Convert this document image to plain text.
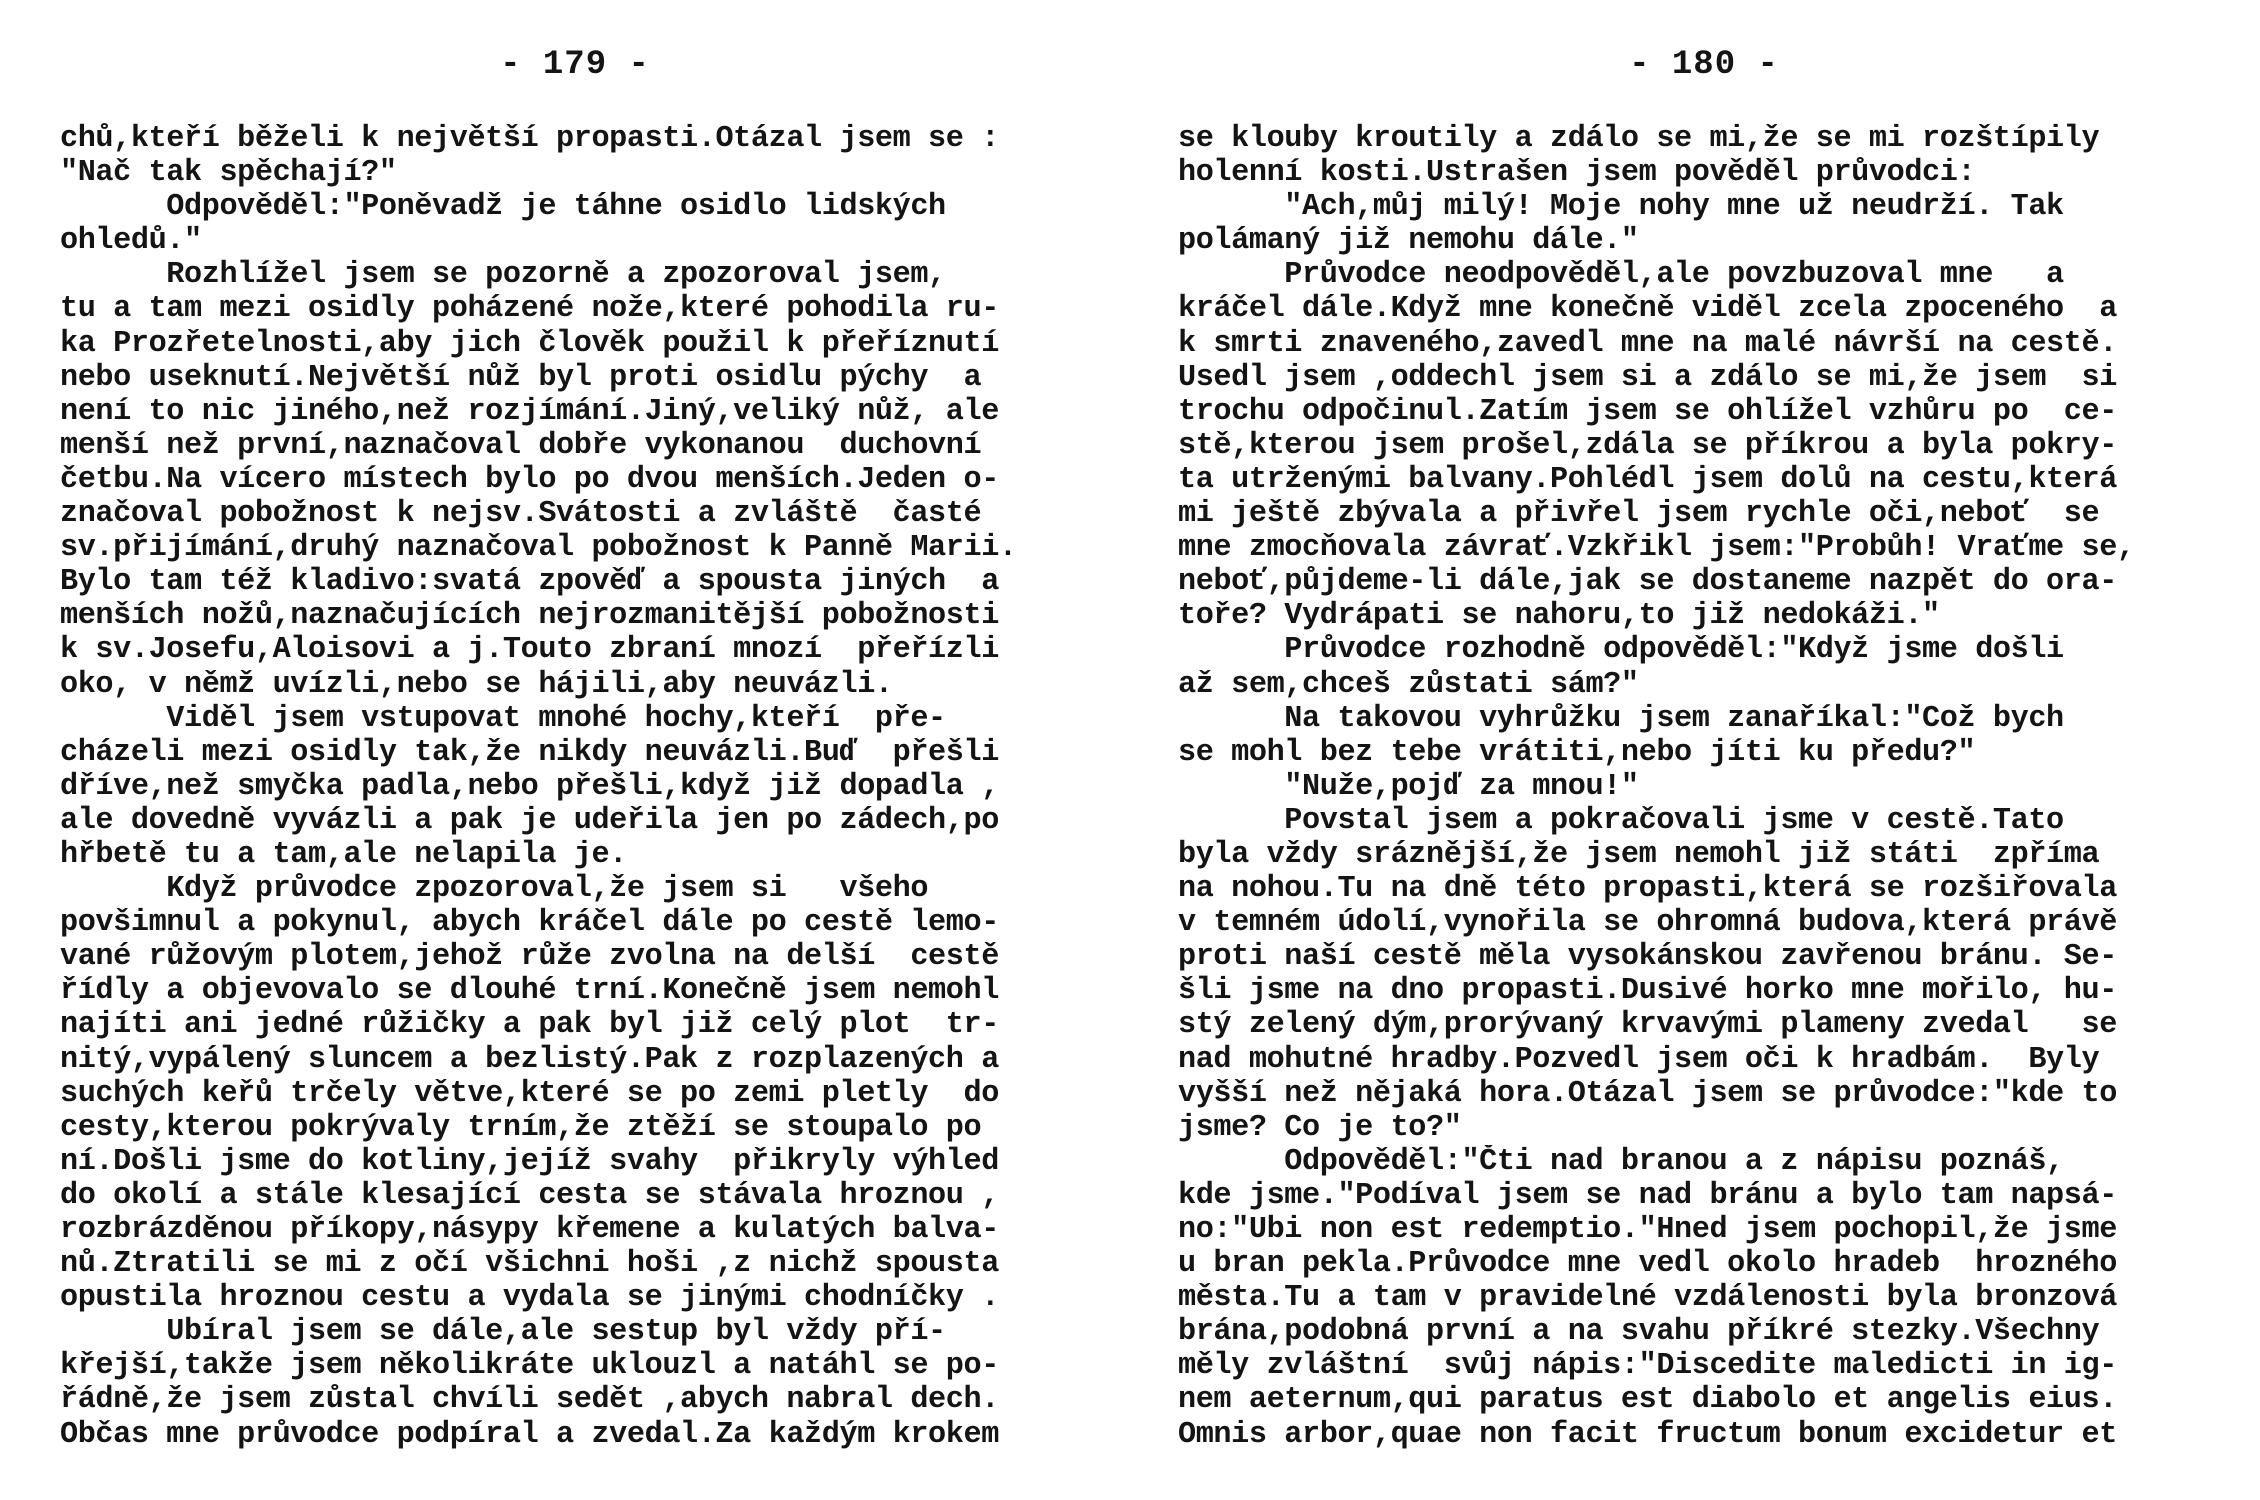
- 179 -
chů,kteří běželi k největší propasti.Otázal jsem se :
"Nač tak spěchají?"
Odpověděl:"Poněvadž je táhne osidlo lidských
ohledů."
Rozhlížel jsem se pozorně a zpozoroval jsem,
tu a tam mezi osidly poházené nože,které pohodila ru-
ka Prozřetelnosti,aby jich člověk použil k přeříznutí
nebo useknutí.Největší nůž byl proti osidlu pýchy  a
není to nic jiného,než rozjímání.Jiný,veliký nůž, ale
menší než první,naznačoval dobře vykonanou  duchovní
četbu.Na vícero místech bylo po dvou menších.Jeden o-
značoval pobožnost k nejsv.Svátosti a zvláště  časté
sv.přijímání,druhý naznačoval pobožnost k Panně Marii.
Bylo tam též kladivo:svatá zpověď a spousta jiných  a
menších nožů,naznačujících nejrozmanitější pobožnosti
k sv.Josefu,Aloisovi a j.Touto zbraní mnozí  přeřízli
oko, v němž uvízli,nebo se hájili,aby neuvázli.
Viděl jsem vstupovat mnohé hochy,kteří  pře-
cházeli mezi osidly tak,že nikdy neuvázli.Buď  přešli
dříve,než smyčka padla,nebo přešli,když již dopadla ,
ale dovedně vyvázli a pak je udeřila jen po zádech,po
hřbetě tu a tam,ale nelapila je.
Když průvodce zpozoroval,že jsem si   všeho
povšimnul a pokynul, abych kráčel dále po cestě lemo-
vané růžovým plotem,jehož růže zvolna na delší  cestě
řídly a objevovalo se dlouhé trní.Konečně jsem nemohl
najíti ani jedné růžičky a pak byl již celý plot  tr-
nitý,vypálený sluncem a bezlistý.Pak z rozplazených a
suchých keřů trčely větve,které se po zemi pletly  do
cesty,kterou pokrývaly trním,že ztěží se stoupalo po
ní.Došli jsme do kotliny,jejíž svahy  přikryly výhled
do okolí a stále klesající cesta se stávala hroznou ,
rozbrázděnou příkopy,násypy křemene a kulatých balva-
nů.Ztratili se mi z očí všichni hoši ,z nichž spousta
opustila hroznou cestu a vydala se jinými chodníčky .
Ubíral jsem se dále,ale sestup byl vždy pří-
křejší,takže jsem několikráte uklouzl a natáhl se po-
řádně,že jsem zůstal chvíli sedět ,abych nabral dech.
Občas mne průvodce podpíral a zvedal.Za každým krokem
- 180 -
se klouby kroutily a zdálo se mi,že se mi rozštípily
holenní kosti.Ustrašen jsem pověděl průvodci:
"Ach,můj milý! Moje nohy mne už neudrží. Tak
polámaný již nemohu dále."
Průvodce neodpověděl,ale povzbuzoval mne   a
kráčel dále.Když mne konečně viděl zcela zpoceného  a
k smrti znaveného,zavedl mne na malé návrší na cestě.
Usedl jsem ,oddechl jsem si a zdálo se mi,že jsem  si
trochu odpočinul.Zatím jsem se ohlížel vzhůru po  ce-
stě,kterou jsem prošel,zdála se příkrou a byla pokry-
ta utrženými balvany.Pohlédl jsem dolů na cestu,která
mi ještě zbývala a přivřel jsem rychle oči,neboť  se
mne zmocňovala závrať.Vzkřikl jsem:"Probůh! Vraťme se,
neboť,půjdeme-li dále,jak se dostaneme nazpět do ora-
toře? Vydrápati se nahoru,to již nedokáži."
Průvodce rozhodně odpověděl:"Když jsme došli
až sem,chceš zůstati sám?"
Na takovou vyhrůžku jsem zanaříkal:"Což bych
se mohl bez tebe vrátiti,nebo jíti ku předu?"
"Nuže,pojď za mnou!"
Povstal jsem a pokračovali jsme v cestě.Tato
byla vždy sráznější,že jsem nemohl již státi  zpříma
na nohou.Tu na dně této propasti,která se rozšiřovala
v temném údolí,vynořila se ohromná budova,která právě
proti naší cestě měla vysokánskou zavřenou bránu. Se-
šli jsme na dno propasti.Dusivé horko mne mořilo, hu-
stý zelený dým,prorývaný krvavými plameny zvedal   se
nad mohutné hradby.Pozvedl jsem oči k hradbám.  Byly
vyšší než nějaká hora.Otázal jsem se průvodce:"kde to
jsme? Co je to?"
Odpověděl:"Čti nad branou a z nápisu poznáš,
kde jsme."Podíval jsem se nad bránu a bylo tam napsá-
no:"Ubi non est redemptio."Hned jsem pochopil,že jsme
u bran pekla.Průvodce mne vedl okolo hradeb  hrozného
města.Tu a tam v pravidelné vzdálenosti byla bronzová
brána,podobná první a na svahu příkré stezky.Všechny
měly zvláštní  svůj nápis:"Discedite maledicti in ig-
nem aeternum,qui paratus est diabolo et angelis eius.
Omnis arbor,quae non facit fructum bonum excidetur et
